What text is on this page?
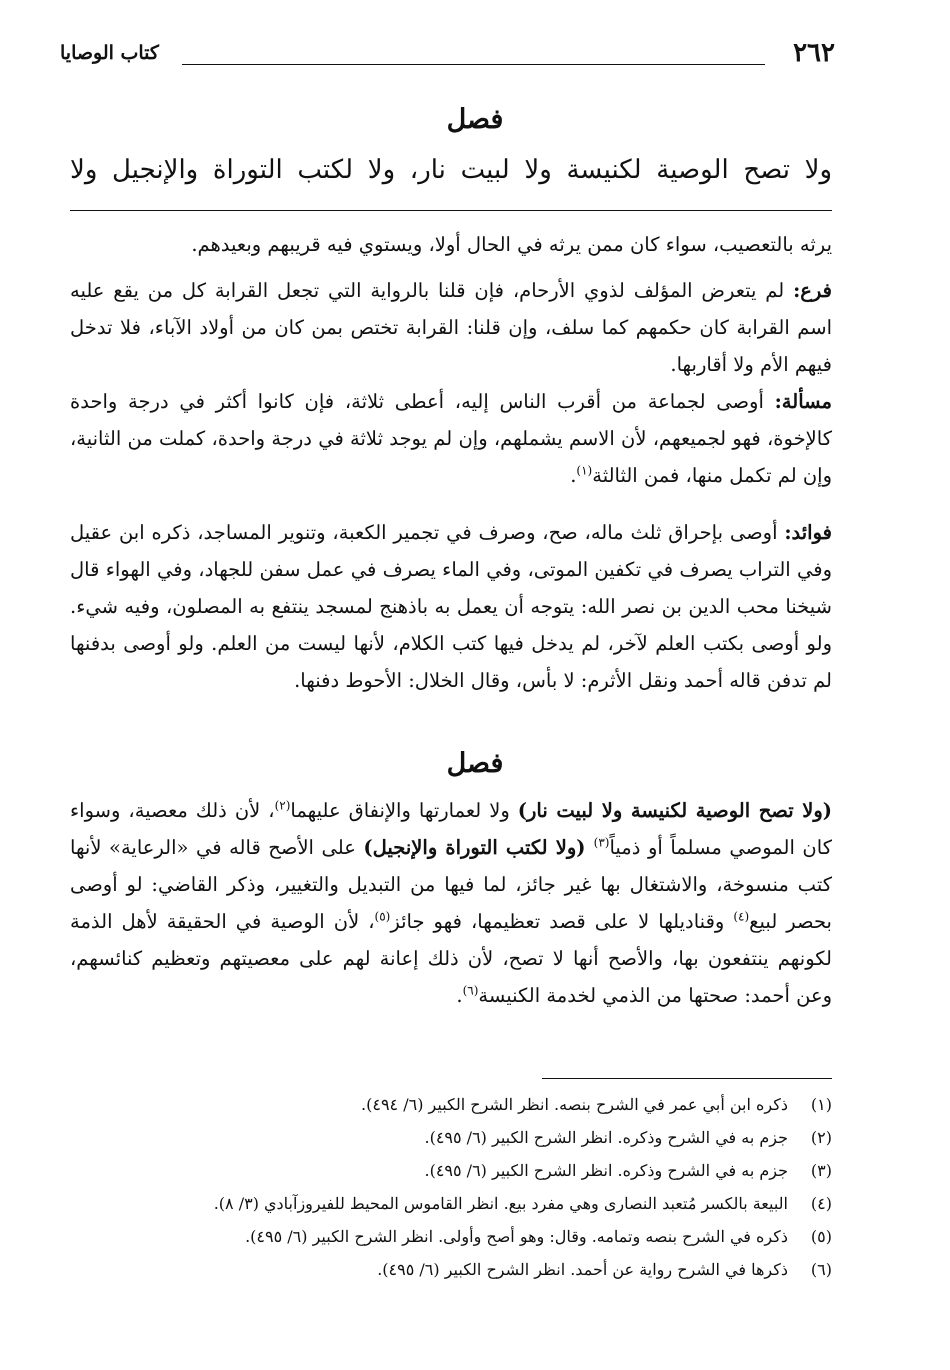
٢٦٢
كتاب الوصايا
فصل
ولا تصح الوصية لكنيسة ولا لبيت نار، ولا لكتب التوراة والإنجيل ولا

يرثه بالتعصيب، سواء كان ممن يرثه في الحال أولا، ويستوي فيه قريبهم وبعيدهم.

فرع: لم يتعرض المؤلف لذوي الأرحام، فإن قلنا بالرواية التي تجعل القرابة كل من يقع عليه اسم القرابة كان حكمهم كما سلف، وإن قلنا: القرابة تختص بمن كان من أولاد الآباء، فلا تدخل فيهم الأم ولا أقاربها.

مسألة: أوصى لجماعة من أقرب الناس إليه، أعطى ثلاثة، فإن كانوا أكثر في درجة واحدة كالإخوة، فهو لجميعهم، لأن الاسم يشملهم، وإن لم يوجد ثلاثة في درجة واحدة، كملت من الثانية، وإن لم تكمل منها، فمن الثالثة$^{(١)}$.

فوائد: أوصى بإحراق ثلث ماله، صح، وصرف في تجمير الكعبة، وتنوير المساجد، ذكره ابن عقيل وفي التراب يصرف في تكفين الموتى، وفي الماء يصرف في عمل سفن للجهاد، وفي الهواء قال شيخنا محب الدين بن نصر الله: يتوجه أن يعمل به باذهنج لمسجد ينتفع به المصلون، وفيه شيء. ولو أوصى بكتب العلم لآخر، لم يدخل فيها كتب الكلام، لأنها ليست من العلم. ولو أوصى بدفنها لم تدفن قاله أحمد ونقل الأثرم: لا بأس، وقال الخلال: الأحوط دفنها.

فصل

(ولا تصح الوصية لكنيسة ولا لبيت نار) ولا لعمارتها والإنفاق عليهما$^{(٢)}$، لأن ذلك معصية، وسواء كان الموصي مسلماً أو ذمياً$^{(٣)}$ (ولا لكتب التوراة والإنجيل) على الأصح قاله في «الرعاية» لأنها كتب منسوخة، والاشتغال بها غير جائز، لما فيها من التبديل والتغيير، وذكر القاضي: لو أوصى بحصر لبيع$^{(٤)}$ وقناديلها لا على قصد تعظيمها، فهو جائز$^{(٥)}$، لأن الوصية في الحقيقة لأهل الذمة لكونهم ينتفعون بها، والأصح أنها لا تصح، لأن ذلك إعانة لهم على معصيتهم وتعظيم كنائسهم، وعن أحمد: صحتها من الذمي لخدمة الكنيسة$^{(٦)}$.

(١)
ذكره ابن أبي عمر في الشرح بنصه. انظر الشرح الكبير (٦/ ٤٩٤).
(٢)
جزم به في الشرح وذكره. انظر الشرح الكبير (٦/ ٤٩٥).
(٣)
جزم به في الشرح وذكره. انظر الشرح الكبير (٦/ ٤٩٥).
(٤)
البيعة بالكسر مُتعبد النصارى وهي مفرد بيع. انظر القاموس المحيط للفيروزآبادي (٣/ ٨).
(٥)
ذكره في الشرح بنصه وتمامه. وقال: وهو أصح وأولى. انظر الشرح الكبير (٦/ ٤٩٥).
(٦)
ذكرها في الشرح رواية عن أحمد. انظر الشرح الكبير (٦/ ٤٩٥).
